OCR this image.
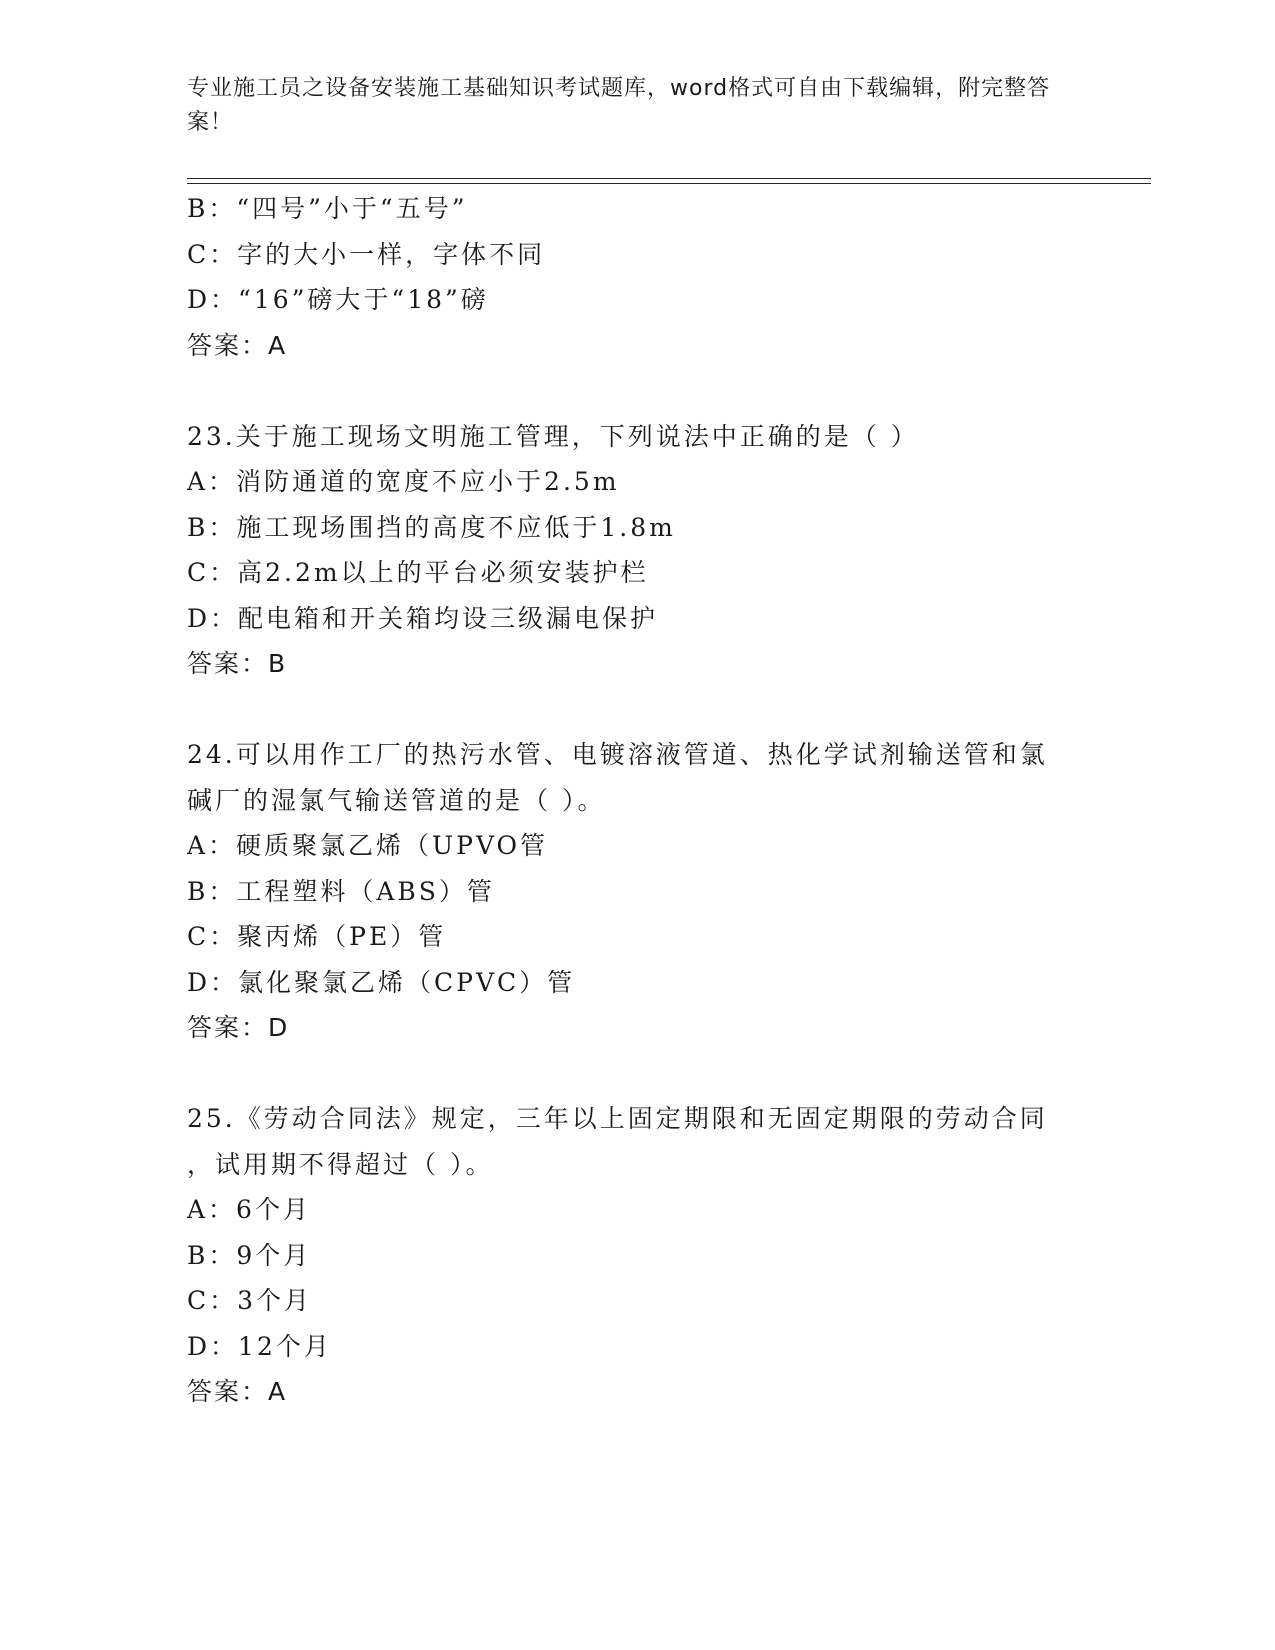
专业施工员之设备安装施工基础知识考试题库，word格式可自由下载编辑，附完整答案！

B：“四号”小于“五号”

C：字的大小一样，字体不同

D：“16”磅大于“18”磅

答案：A

23.关于施工现场文明施工管理，下列说法中正确的是（ ）

A：消防通道的宽度不应小于2.5m

B：施工现场围挡的高度不应低于1.8m

C：高2.2m以上的平台必须安装护栏

D：配电箱和开关箱均设三级漏电保护

答案：B

24.可以用作工厂的热污水管、电镀溶液管道、热化学试剂输送管和氯

碱厂的湿氯气输送管道的是（ ）。

A：硬质聚氯乙烯（UPVO管

B：工程塑料（ABS）管

C：聚丙烯（PE）管

D：氯化聚氯乙烯（CPVC）管

答案：D

25.《劳动合同法》规定，三年以上固定期限和无固定期限的劳动合同

，试用期不得超过（ ）。

A：6个月

B：9个月

C：3个月

D：12个月

答案：A
